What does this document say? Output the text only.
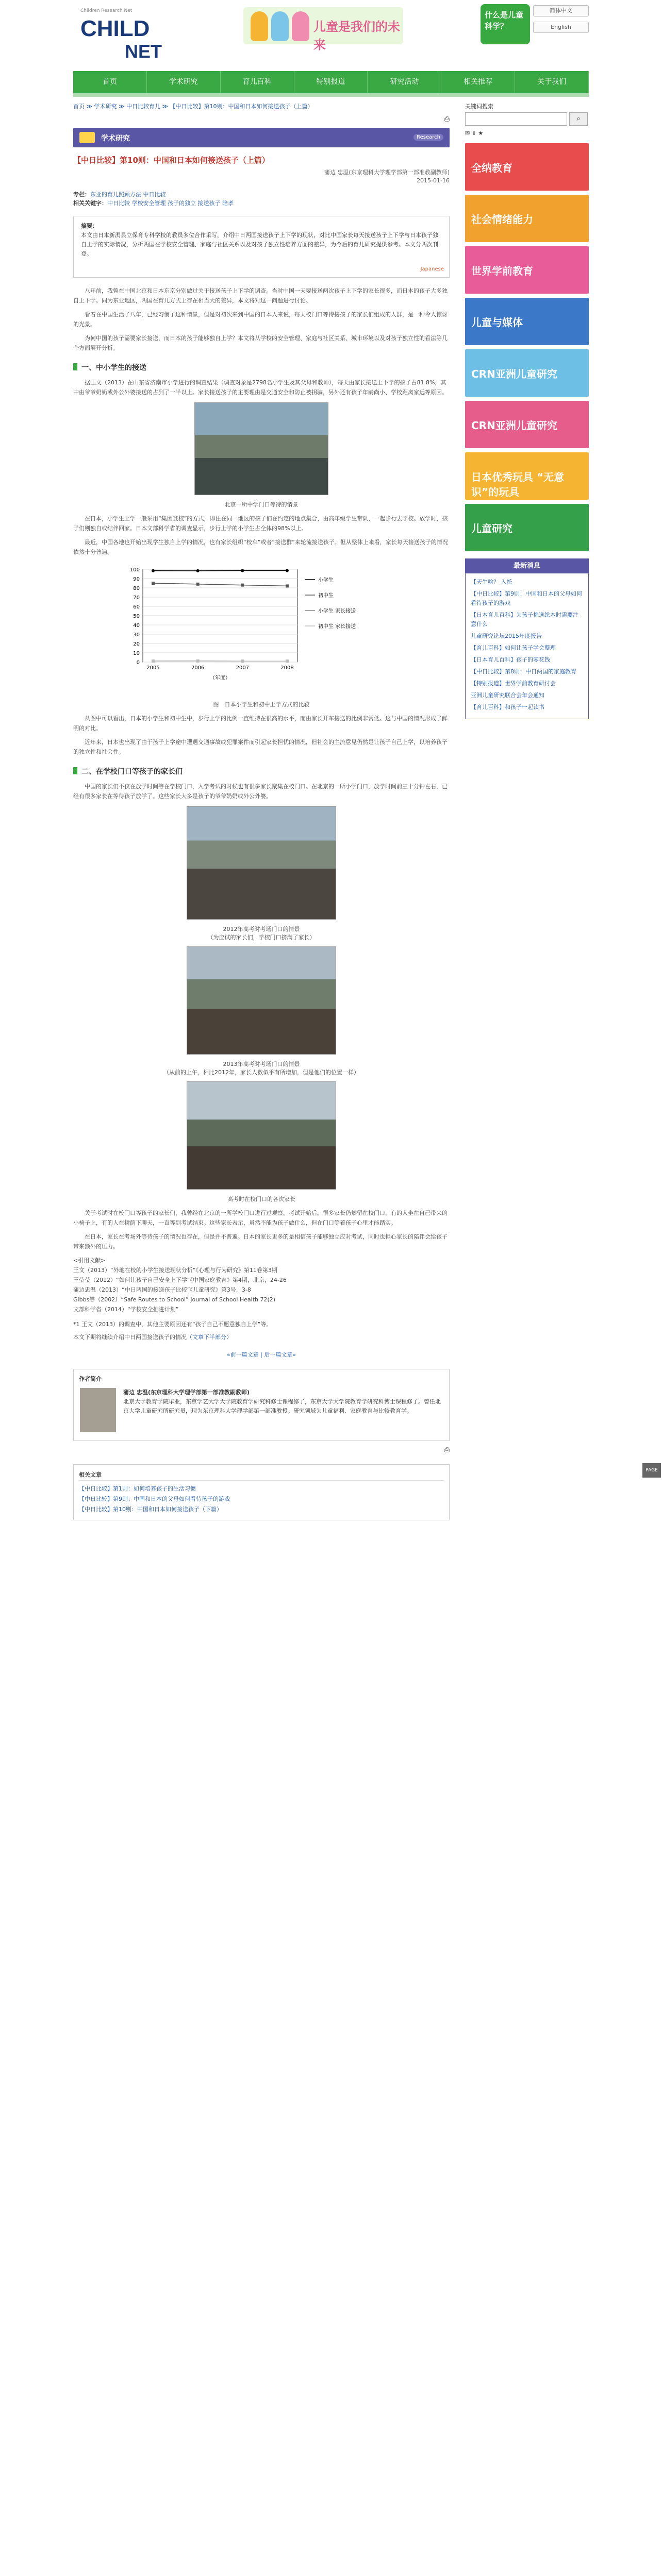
Children Research Net
CHILD
NET
儿童是我们的未来
什么是儿童科学？
简体中文
English
首页	学术研究	育儿百科	特别报道	研究活动	相关推荐	关于我们
首页 ≫ 学术研究 ≫ 中日比较育儿 ≫ 【中日比较】第10则：中国和日本如何接送孩子（上篇）
⎙
学术研究	Research
【中日比较】第10则：中国和日本如何接送孩子（上篇）
蒲边 忠温(东京理科大学理学部第一部准教副教师)
2015-01-16
专栏：东亚的育儿照顾方法 中日比较
相关关键字：中日比较 学校安全管理 孩子的独立 接送孩子 陪孝
摘要：
本文由日本新潟县立保育专科学校的教员多位合作采写，介绍中日两国接送孩子上下学的现状，对比中国家长每天接送孩子上下学与日本孩子独自上学的实际情况，分析两国在学校安全管理、家庭与社区关系以及对孩子独立性培养方面的差异，为今后的育儿研究提供参考。本文分两次刊登。
Japanese

八年前，我曾在中国北京和日本东京分别做过关于接送孩子上下学的调查。当时中国一天要接送两次孩子上下学的家长很多，而日本的孩子大多独自上下学。同为东亚地区，两国在育儿方式上存在相当大的差异，本文将对这一问题进行讨论。

看着在中国生活了八年，已经习惯了这种情景，但是对初次来到中国的日本人来说，每天校门口等待接孩子的家长们组成的人群，是一种令人惊讶的光景。

为何中国的孩子需要家长接送，而日本的孩子能够独自上学？本文将从学校的安全管理、家庭与社区关系、城市环境以及对孩子独立性的看法等几个方面展开分析。

一、中小学生的接送

据王文（2013）在山东省济南市小学进行的调查结果（调查对象是2798名小学生及其父母和教师），每天由家长接送上下学的孩子占81.8%，其中由爷爷奶奶或外公外婆接送的占到了一半以上。家长接送孩子的主要理由是交通安全和防止被拐骗，另外还有孩子年龄尚小、学校距离家远等原因。

北京一所中学门口等待的情景

在日本，小学生上学一般采用“集团登校”的方式，即住在同一地区的孩子们在约定的地点集合，由高年级学生带队，一起步行去学校。放学时，孩子们则独自或结伴回家。日本文部科学省的调查显示，步行上学的小学生占全体的98%以上。

最近，中国各地也开始出现学生独自上学的情况，也有家长组织“校车”或者“接送群”来轮流接送孩子。但从整体上来看，家长每天接送孩子的情况依然十分普遍。

0
10
20
30
40
50
60
70
80
90
100
2005	2006	2007	2008
（年度）
小学生
初中生
小学生 家长接送
初中生 家长接送
图　日本小学生和初中上学方式的比较

从图中可以看出，日本的小学生和初中生中，步行上学的比例一直维持在很高的水平，而由家长开车接送的比例非常低。这与中国的情况形成了鲜明的对比。

近年来，日本也出现了由于孩子上学途中遭遇交通事故或犯罪案件而引起家长担忧的情况，但社会的主流意见仍然是让孩子自己上学，以培养孩子的独立性和社会性。

二、在学校门口等孩子的家长们

中国的家长们不仅在放学时间等在学校门口，入学考试的时候也有很多家长聚集在校门口。在北京的一所小学门口，放学时间前三十分钟左右，已经有很多家长在等待孩子放学了。这些家长大多是孩子的爷爷奶奶或外公外婆。

2012年高考时考场门口的情景
（为应试的家长们，学校门口挤满了家长）
2013年高考时考场门口的情景
（从前的上午，相比2012年，家长人数似乎有所增加，但是他们的位置一样）
高考时在校门口的各次家长

关于考试时在校门口等孩子的家长们，我曾经在北京的一所学校门口进行过观察。考试开始后，很多家长仍然留在校门口，有的人坐在自己带来的小椅子上，有的人在树荫下聊天，一直等到考试结束。这些家长表示，虽然不能为孩子做什么，但在门口等着孩子心里才能踏实。

在日本，家长在考场外等待孩子的情况也存在，但是并不普遍。日本的家长更多的是相信孩子能够独立应对考试，同时也担心家长的陪伴会给孩子带来额外的压力。

<引用文献>
王文（2013）“外地在校的小学生接送现状分析”《心理与行为研究》第11卷第3期
王莹莹（2012）“如何让孩子自己安全上下学”《中国家庭教育》第4期，北京，24-26
蒲边忠温（2013）“中日两国的接送孩子比较”《儿童研究》第3号，3-8
Gibbs等（2002）“Safe Routes to School” Journal of School Health 72(2)
文部科学省（2014）“学校安全推进计划”
*1 王文（2013）的调查中，其他主要原因还有“孩子自己不愿意独自上学”等。
本文下期将继续介绍中日两国接送孩子的情况（文章下半部分）
«前一篇文章 | 后一篇文章»
作者简介
蒲边 忠温(东京理科大学理学部第一部准教副教师)
北京大学教育学院毕业，东京学艺大学大学院教育学研究科修士课程修了，东京大学大学院教育学研究科博士课程修了。曾任北京大学儿童研究所研究员，现为东京理科大学理学部第一部准教授。研究领域为儿童福利、家庭教育与比较教育学。
⎙
相关文章
【中日比较】第1则：如何培养孩子的生活习惯
【中日比较】第9则：中国和日本的父母如何看待孩子的游戏
【中日比较】第10则：中国和日本如何接送孩子（下篇）
关键词搜索
⌕
✉ ⇧ ★
全纳教育
社会情绪能力
世界学前教育
儿童与媒体
CRN亚洲儿童研究
CRN亚洲儿童研究
日本优秀玩具 “无意识”的玩具
儿童研究
最新消息
【天生啥？ 入托
【中日比较】第9则：中国和日本的父母如何看待孩子的游戏
【日本育儿百科】为孩子挑选绘本时需要注意什么
儿童研究论坛2015年度报告
【育儿百科】如何让孩子学会整理
【日本育儿百科】孩子的零花钱
【中日比较】第8则：中日两国的家庭教育
【特别报道】世界学前教育研讨会
亚洲儿童研究联合会年会通知
【育儿百科】和孩子一起读书
PAGE TOP
